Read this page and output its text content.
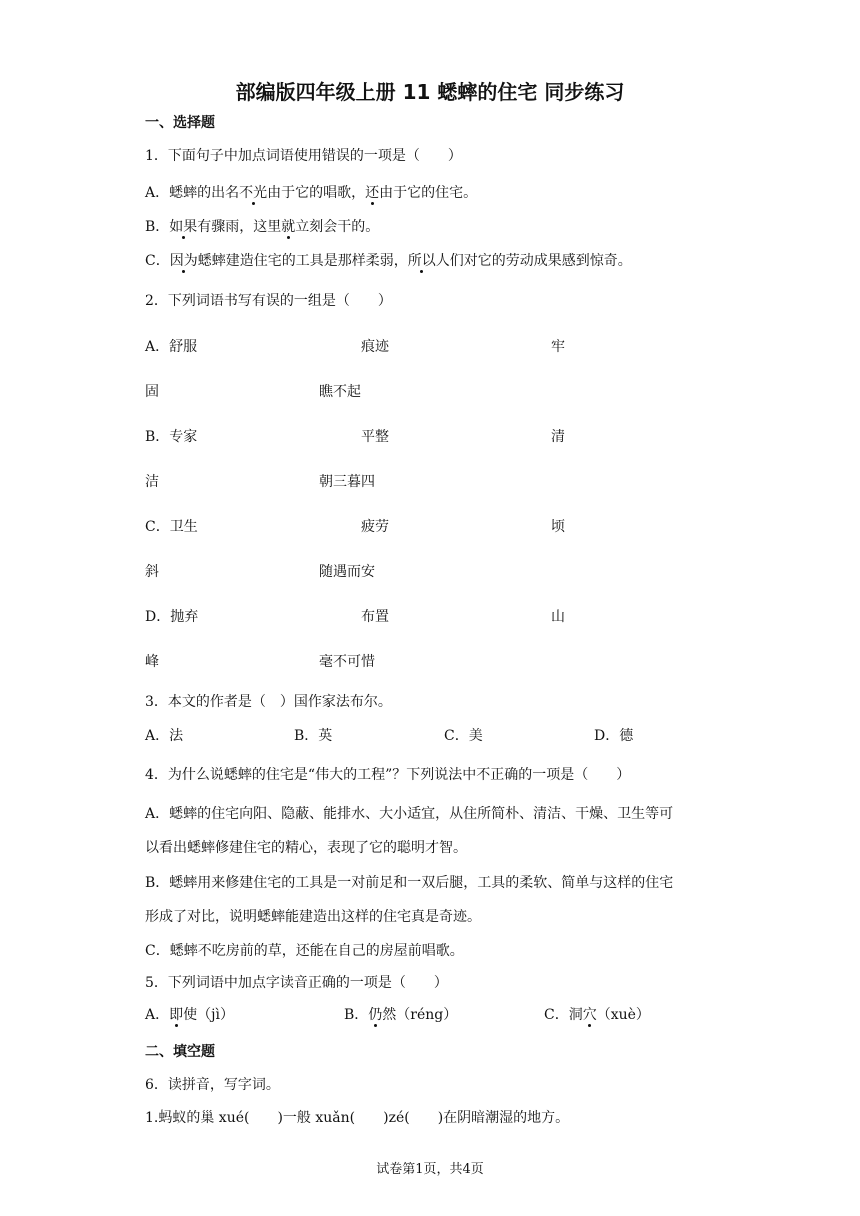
部编版四年级上册 11 蟋蟀的住宅 同步练习
一、选择题
1．下面句子中加点词语使用错误的一项是（　　）
A．蟋蟀的出名不光由于它的唱歌，还由于它的住宅。
B．如果有骤雨，这里就立刻会干的。
C．因为蟋蟀建造住宅的工具是那样柔弱，所以人们对它的劳动成果感到惊奇。
2．下列词语书写有误的一组是（　　）
A．舒服	痕迹	牢
固	瞧不起
B．专家	平整	清
洁	朝三暮四
C．卫生	疲劳	顷
斜	随遇而安
D．抛弃	布置	山
峰	毫不可惜
3．本文的作者是（　）国作家法布尔。
A．法	B．英	C．美	D．德
4．为什么说蟋蟀的住宅是“伟大的工程”？下列说法中不正确的一项是（　　）
A．蟋蟀的住宅向阳、隐蔽、能排水、大小适宜，从住所简朴、清洁、干燥、卫生等可
以看出蟋蟀修建住宅的精心，表现了它的聪明才智。
B．蟋蟀用来修建住宅的工具是一对前足和一双后腿，工具的柔软、简单与这样的住宅
形成了对比，说明蟋蟀能建造出这样的住宅真是奇迹。
C．蟋蟀不吃房前的草，还能在自己的房屋前唱歌。
5．下列词语中加点字读音正确的一项是（　　）
A．即使（jì）	B．仍然（réng）	C．洞穴（xuè）
二、填空题
6．读拼音，写字词。
1.蚂蚁的巢 xué(　　)一般 xuǎn(　　)zé(　　)在阴暗潮湿的地方。
试卷第1页，共4页
